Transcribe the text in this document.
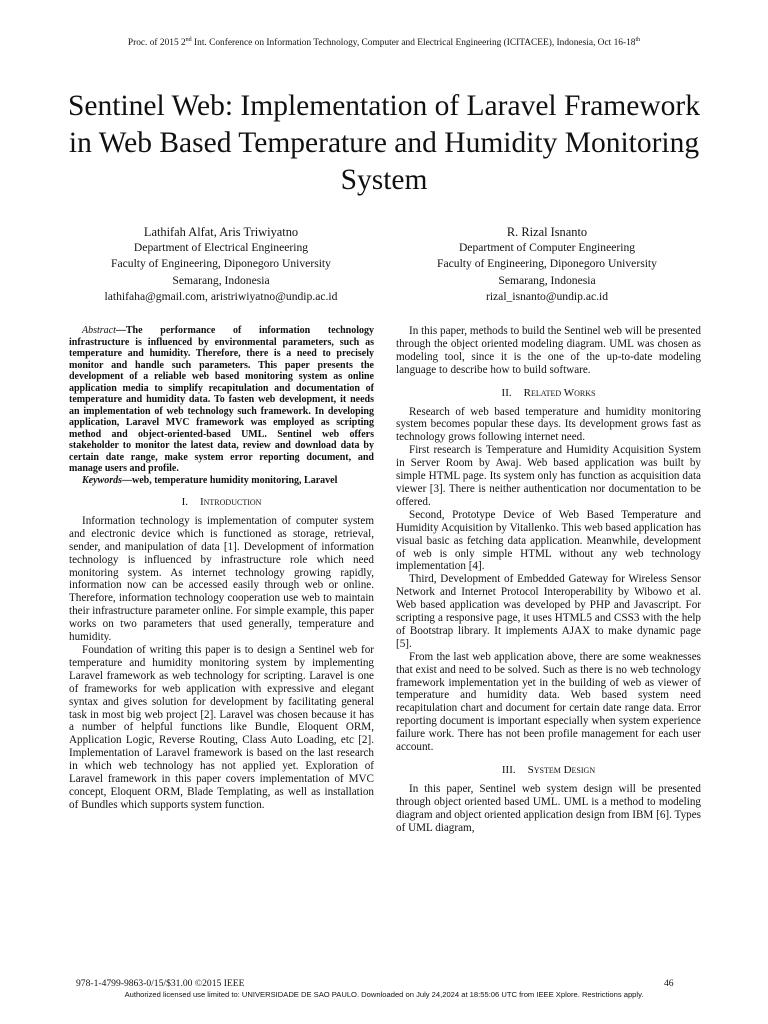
Proc. of 2015 2nd Int. Conference on Information Technology, Computer and Electrical Engineering (ICITACEE), Indonesia, Oct 16-18th
Sentinel Web: Implementation of Laravel Framework in Web Based Temperature and Humidity Monitoring System
Lathifah Alfat, Aris Triwiyatno
Department of Electrical Engineering
Faculty of Engineering, Diponegoro University
Semarang, Indonesia
lathifaha@gmail.com, aristriwiyatno@undip.ac.id
R. Rizal Isnanto
Department of Computer Engineering
Faculty of Engineering, Diponegoro University
Semarang, Indonesia
rizal_isnanto@undip.ac.id

Abstract—The performance of information technology infrastructure is influenced by environmental parameters, such as temperature and humidity. Therefore, there is a need to precisely monitor and handle such parameters. This paper presents the development of a reliable web based monitoring system as online application media to simplify recapitulation and documentation of temperature and humidity data. To fasten web development, it needs an implementation of web technology such framework. In developing application, Laravel MVC framework was employed as scripting method and object-oriented-based UML. Sentinel web offers stakeholder to monitor the latest data, review and download data by certain date range, make system error reporting document, and manage users and profile.

Keywords—web, temperature humidity monitoring, Laravel

I. Introduction

Information technology is implementation of computer system and electronic device which is functioned as storage, retrieval, sender, and manipulation of data [1]. Development of information technology is influenced by infrastructure role which need monitoring system. As internet technology growing rapidly, information now can be accessed easily through web or online. Therefore, information technology cooperation use web to maintain their infrastructure parameter online. For simple example, this paper works on two parameters that used generally, temperature and humidity.

Foundation of writing this paper is to design a Sentinel web for temperature and humidity monitoring system by implementing Laravel framework as web technology for scripting. Laravel is one of frameworks for web application with expressive and elegant syntax and gives solution for development by facilitating general task in most big web project [2]. Laravel was chosen because it has a number of helpful functions like Bundle, Eloquent ORM, Application Logic, Reverse Routing, Class Auto Loading, etc [2]. Implementation of Laravel framework is based on the last research in which web technology has not applied yet. Exploration of Laravel framework in this paper covers implementation of MVC concept, Eloquent ORM, Blade Templating, as well as installation of Bundles which supports system function.

In this paper, methods to build the Sentinel web will be presented through the object oriented modeling diagram. UML was chosen as modeling tool, since it is the one of the up-to-date modeling language to describe how to build software.

II. Related Works

Research of web based temperature and humidity monitoring system becomes popular these days. Its development grows fast as technology grows following internet need.

First research is Temperature and Humidity Acquisition System in Server Room by Awaj. Web based application was built by simple HTML page. Its system only has function as acquisition data viewer [3]. There is neither authentication nor documentation to be offered.

Second, Prototype Device of Web Based Temperature and Humidity Acquisition by Vitallenko. This web based application has visual basic as fetching data application. Meanwhile, development of web is only simple HTML without any web technology implementation [4].

Third, Development of Embedded Gateway for Wireless Sensor Network and Internet Protocol Interoperability by Wibowo et al. Web based application was developed by PHP and Javascript. For scripting a responsive page, it uses HTML5 and CSS3 with the help of Bootstrap library. It implements AJAX to make dynamic page [5].

From the last web application above, there are some weaknesses that exist and need to be solved. Such as there is no web technology framework implementation yet in the building of web as viewer of temperature and humidity data. Web based system need recapitulation chart and document for certain date range data. Error reporting document is important especially when system experience failure work. There has not been profile management for each user account.

III. System Design

In this paper, Sentinel web system design will be presented through object oriented based UML. UML is a method to modeling diagram and object oriented application design from IBM [6]. Types of UML diagram,

978-1-4799-9863-0/15/$31.00 ©2015 IEEE	46
Authorized licensed use limited to: UNIVERSIDADE DE SAO PAULO. Downloaded on July 24,2024 at 18:55:06 UTC from IEEE Xplore. Restrictions apply.
